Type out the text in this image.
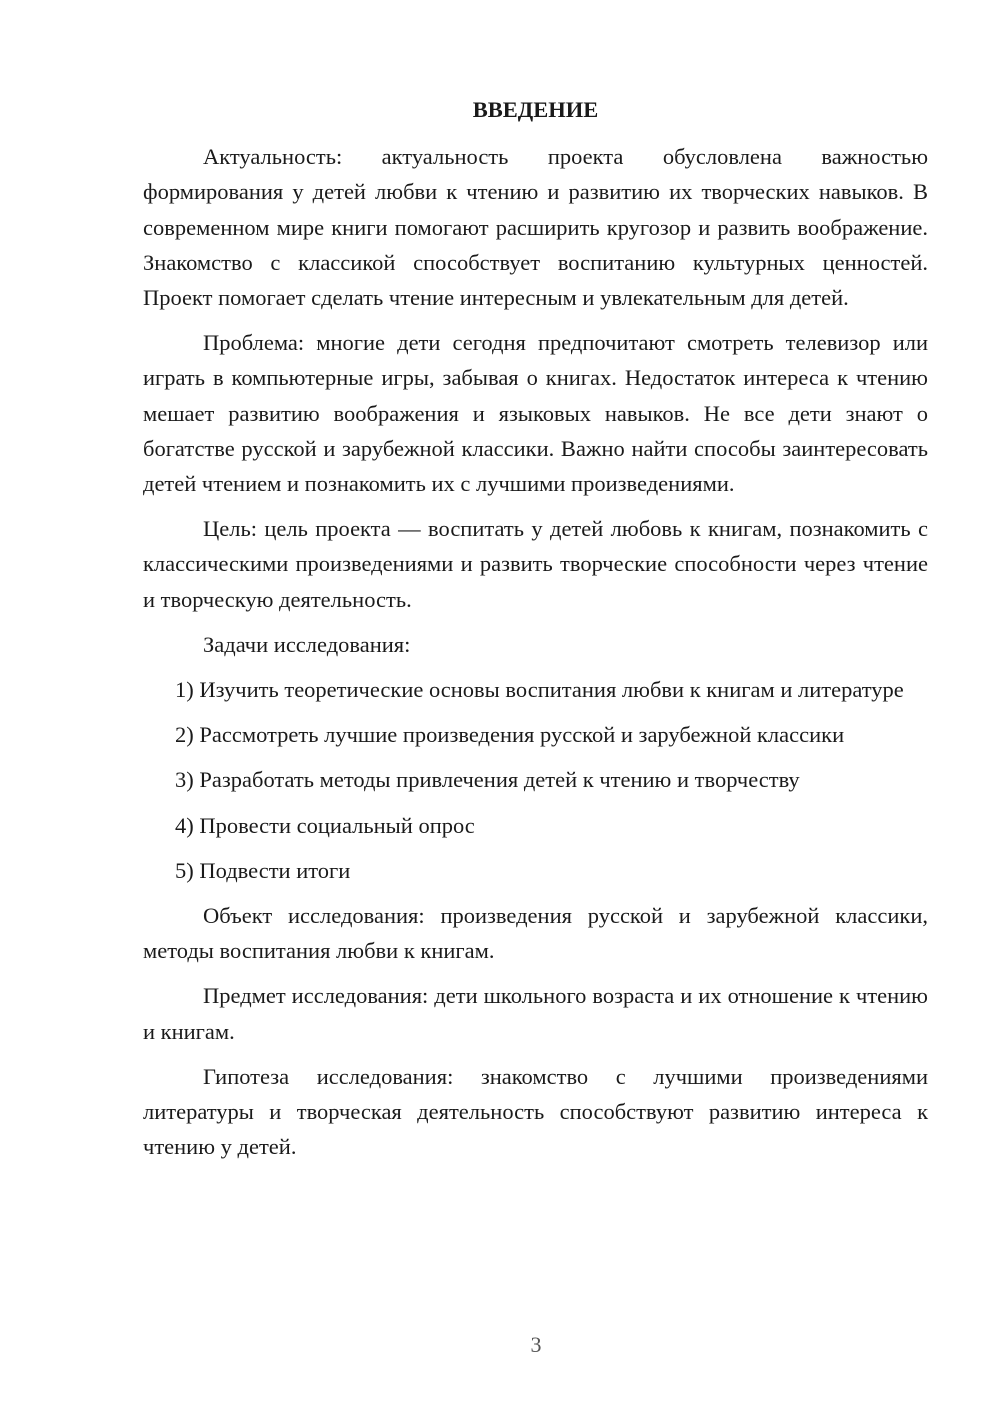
ВВЕДЕНИЕ

Актуальность: актуальность проекта обусловлена важностью формирования у детей любви к чтению и развитию их творческих навыков. В современном мире книги помогают расширить кругозор и развить воображение. Знакомство с классикой способствует воспитанию культурных ценностей. Проект помогает сделать чтение интересным и увлекательным для детей.

Проблема: многие дети сегодня предпочитают смотреть телевизор или играть в компьютерные игры, забывая о книгах. Недостаток интереса к чтению мешает развитию воображения и языковых навыков. Не все дети знают о богатстве русской и зарубежной классики. Важно найти способы заинтересовать детей чтением и познакомить их с лучшими произведениями.

Цель: цель проекта — воспитать у детей любовь к книгам, познакомить с классическими произведениями и развить творческие способности через чтение и творческую деятельность.

Задачи исследования:

1) Изучить теоретические основы воспитания любви к книгам и литературе

2) Рассмотреть лучшие произведения русской и зарубежной классики

3) Разработать методы привлечения детей к чтению и творчеству

4) Провести социальный опрос

5) Подвести итоги

Объект исследования: произведения русской и зарубежной классики, методы воспитания любви к книгам.

Предмет исследования: дети школьного возраста и их отношение к чтению и книгам.

Гипотеза исследования: знакомство с лучшими произведениями литературы и творческая деятельность способствуют развитию интереса к чтению у детей.

3
